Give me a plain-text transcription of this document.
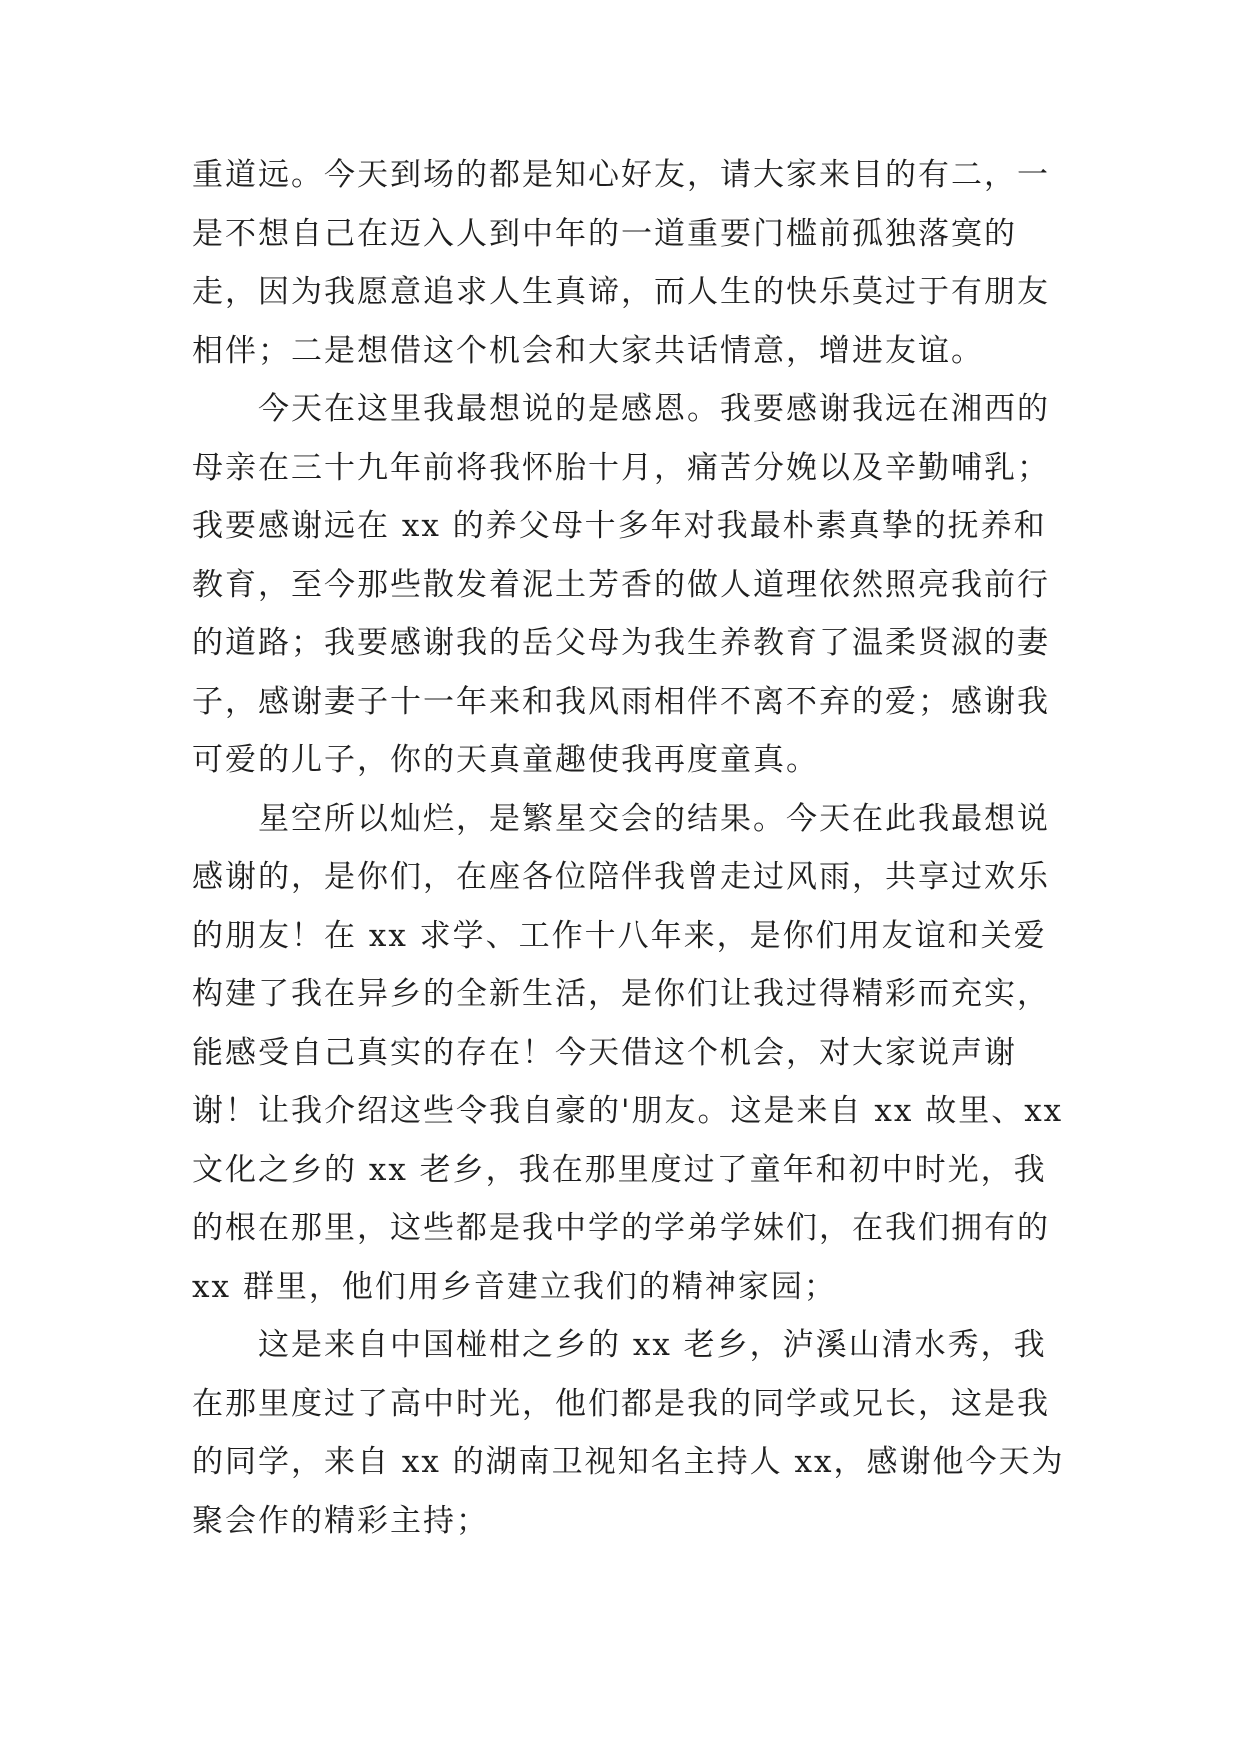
重道远。今天到场的都是知心好友，请大家来目的有二，一
是不想自己在迈入人到中年的一道重要门槛前孤独落寞的
走，因为我愿意追求人生真谛，而人生的快乐莫过于有朋友
相伴；二是想借这个机会和大家共话情意，增进友谊。
今天在这里我最想说的是感恩。我要感谢我远在湘西的
母亲在三十九年前将我怀胎十月，痛苦分娩以及辛勤哺乳；
我要感谢远在 xx 的养父母十多年对我最朴素真挚的抚养和
教育，至今那些散发着泥土芳香的做人道理依然照亮我前行
的道路；我要感谢我的岳父母为我生养教育了温柔贤淑的妻
子，感谢妻子十一年来和我风雨相伴不离不弃的爱；感谢我
可爱的儿子，你的天真童趣使我再度童真。
星空所以灿烂，是繁星交会的结果。今天在此我最想说
感谢的，是你们，在座各位陪伴我曾走过风雨，共享过欢乐
的朋友！在 xx 求学、工作十八年来，是你们用友谊和关爱
构建了我在异乡的全新生活，是你们让我过得精彩而充实，
能感受自己真实的存在！今天借这个机会，对大家说声谢
谢！让我介绍这些令我自豪的'朋友。这是来自 xx 故里、xx
文化之乡的 xx 老乡，我在那里度过了童年和初中时光，我
的根在那里，这些都是我中学的学弟学妹们，在我们拥有的
xx 群里，他们用乡音建立我们的精神家园；
这是来自中国椪柑之乡的 xx 老乡，泸溪山清水秀，我
在那里度过了高中时光，他们都是我的同学或兄长，这是我
的同学，来自 xx 的湖南卫视知名主持人 xx，感谢他今天为
聚会作的精彩主持；
